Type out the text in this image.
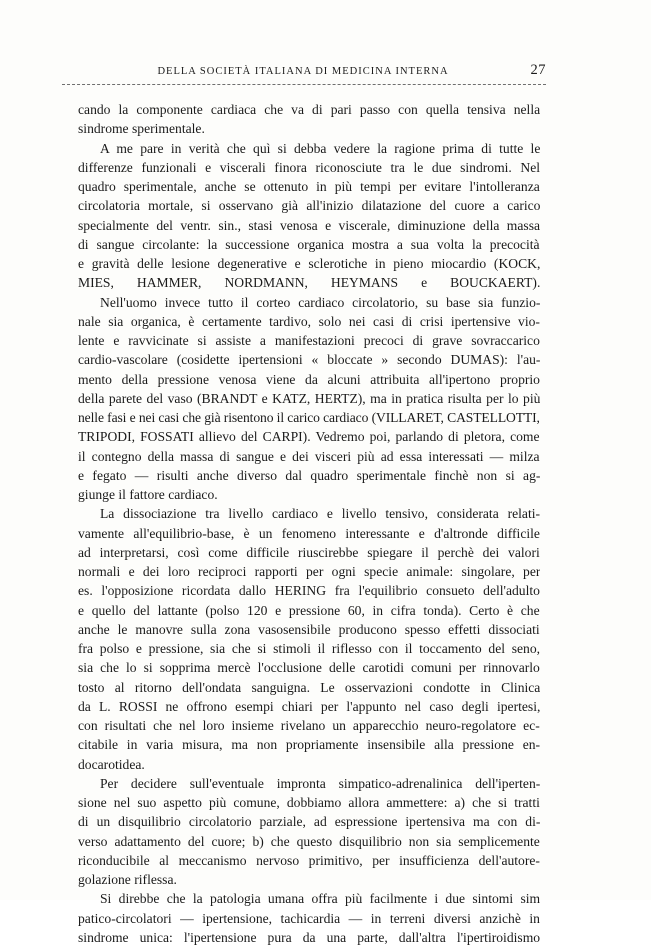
DELLA SOCIETÀ ITALIANA DI MEDICINA INTERNA	27
cando la componente cardiaca che va di pari passo con quella tensiva nella
sindrome sperimentale.
A me pare in verità che quì si debba vedere la ragione prima di tutte le
differenze funzionali e viscerali finora riconosciute tra le due sindromi. Nel
quadro sperimentale, anche se ottenuto in più tempi per evitare l'intolleranza
circolatoria mortale, si osservano già all'inizio dilatazione del cuore a carico
specialmente del ventr. sin., stasi venosa e viscerale, diminuzione della massa
di sangue circolante: la successione organica mostra a sua volta la precocità
e gravità delle lesione degenerative e sclerotiche in pieno miocardio (KOCK,
MIES, HAMMER, NORDMANN, HEYMANS e BOUCKAERT).
Nell'uomo invece tutto il corteo cardiaco circolatorio, su base sia funzio-
nale sia organica, è certamente tardivo, solo nei casi di crisi ipertensive vio-
lente e ravvicinate si assiste a manifestazioni precoci di grave sovraccarico
cardio-vascolare (cosidette ipertensioni « bloccate » secondo DUMAS): l'au-
mento della pressione venosa viene da alcuni attribuita all'ipertono proprio
della parete del vaso (BRANDT e KATZ, HERTZ), ma in pratica risulta per lo più
nelle fasi e nei casi che già risentono il carico cardiaco (VILLARET, CASTELLOTTI,
TRIPODI, FOSSATI allievo del CARPI). Vedremo poi, parlando di pletora, come
il contegno della massa di sangue e dei visceri più ad essa interessati — milza
e fegato — risulti anche diverso dal quadro sperimentale finchè non si ag-
giunge il fattore cardiaco.
La dissociazione tra livello cardiaco e livello tensivo, considerata relati-
vamente all'equilibrio-base, è un fenomeno interessante e d'altronde difficile
ad interpretarsi, così come difficile riuscirebbe spiegare il perchè dei valori
normali e dei loro reciproci rapporti per ogni specie animale: singolare, per
es. l'opposizione ricordata dallo HERING fra l'equilibrio consueto dell'adulto
e quello del lattante (polso 120 e pressione 60, in cifra tonda). Certo è che
anche le manovre sulla zona vasosensibile producono spesso effetti dissociati
fra polso e pressione, sia che si stimoli il riflesso con il toccamento del seno,
sia che lo si sopprima mercè l'occlusione delle carotidi comuni per rinnovarlo
tosto al ritorno dell'ondata sanguigna. Le osservazioni condotte in Clinica
da L. ROSSI ne offrono esempi chiari per l'appunto nel caso degli ipertesi,
con risultati che nel loro insieme rivelano un apparecchio neuro-regolatore ec-
citabile in varia misura, ma non propriamente insensibile alla pressione en-
docarotidea.
Per decidere sull'eventuale impronta simpatico-adrenalinica dell'iperten-
sione nel suo aspetto più comune, dobbiamo allora ammettere: a) che si tratti
di un disquilibrio circolatorio parziale, ad espressione ipertensiva ma con di-
verso adattamento del cuore; b) che questo disquilibrio non sia semplicemente
riconducibile al meccanismo nervoso primitivo, per insufficienza dell'autore-
golazione riflessa.
Si direbbe che la patologia umana offra più facilmente i due sintomi sim
patico-circolatori — ipertensione, tachicardia — in terreni diversi anzichè in
sindrome unica: l'ipertensione pura da una parte, dall'altra l'ipertiroidismo
